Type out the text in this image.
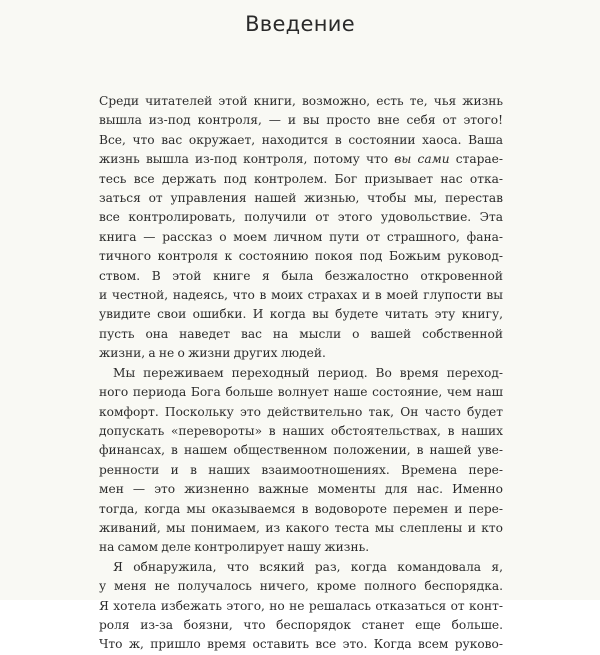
Введение
Среди читателей этой книги, возможно, есть те, чья жизнь
вышла из-под контроля, — и вы просто вне себя от этого!
Все, что вас окружает, находится в состоянии хаоса. Ваша
жизнь вышла из-под контроля, потому что вы сами стараe-
тесь все держать под контролем. Бог призывает нас отка-
заться от управления нашей жизнью, чтобы мы, перестав
все контролировать, получили от этого удовольствие. Эта
книга — рассказ о моем личном пути от страшного, фана-
тичного контроля к состоянию покоя под Божьим руковод-
ством. В этой книге я была безжалостно откровенной
и честной, надеясь, что в моих страхах и в моей глупости вы
увидите свои ошибки. И когда вы будете читать эту книгу,
пусть она наведет вас на мысли о вашей собственной
жизни, а не о жизни других людей.
Мы переживаем переходный период. Во время переход-
ного периода Бога больше волнует наше состояние, чем наш
комфорт. Поскольку это действительно так, Он часто будет
допускать «перевороты» в наших обстоятельствах, в наших
финансах, в нашем общественном положении, в нашей уве-
ренности и в наших взаимоотношениях. Времена пере-
мен — это жизненно важные моменты для нас. Именно
тогда, когда мы оказываемся в водовороте перемен и пере-
живаний, мы понимаем, из какого теста мы слеплены и кто
на самом деле контролирует нашу жизнь.
Я обнаружила, что всякий раз, когда командовала я,
у меня не получалось ничего, кроме полного беспорядка.
Я хотела избежать этого, но не решалась отказаться от конт-
роля из-за боязни, что беспорядок станет еще больше.
Что ж, пришло время оставить все это. Когда всем руково-
